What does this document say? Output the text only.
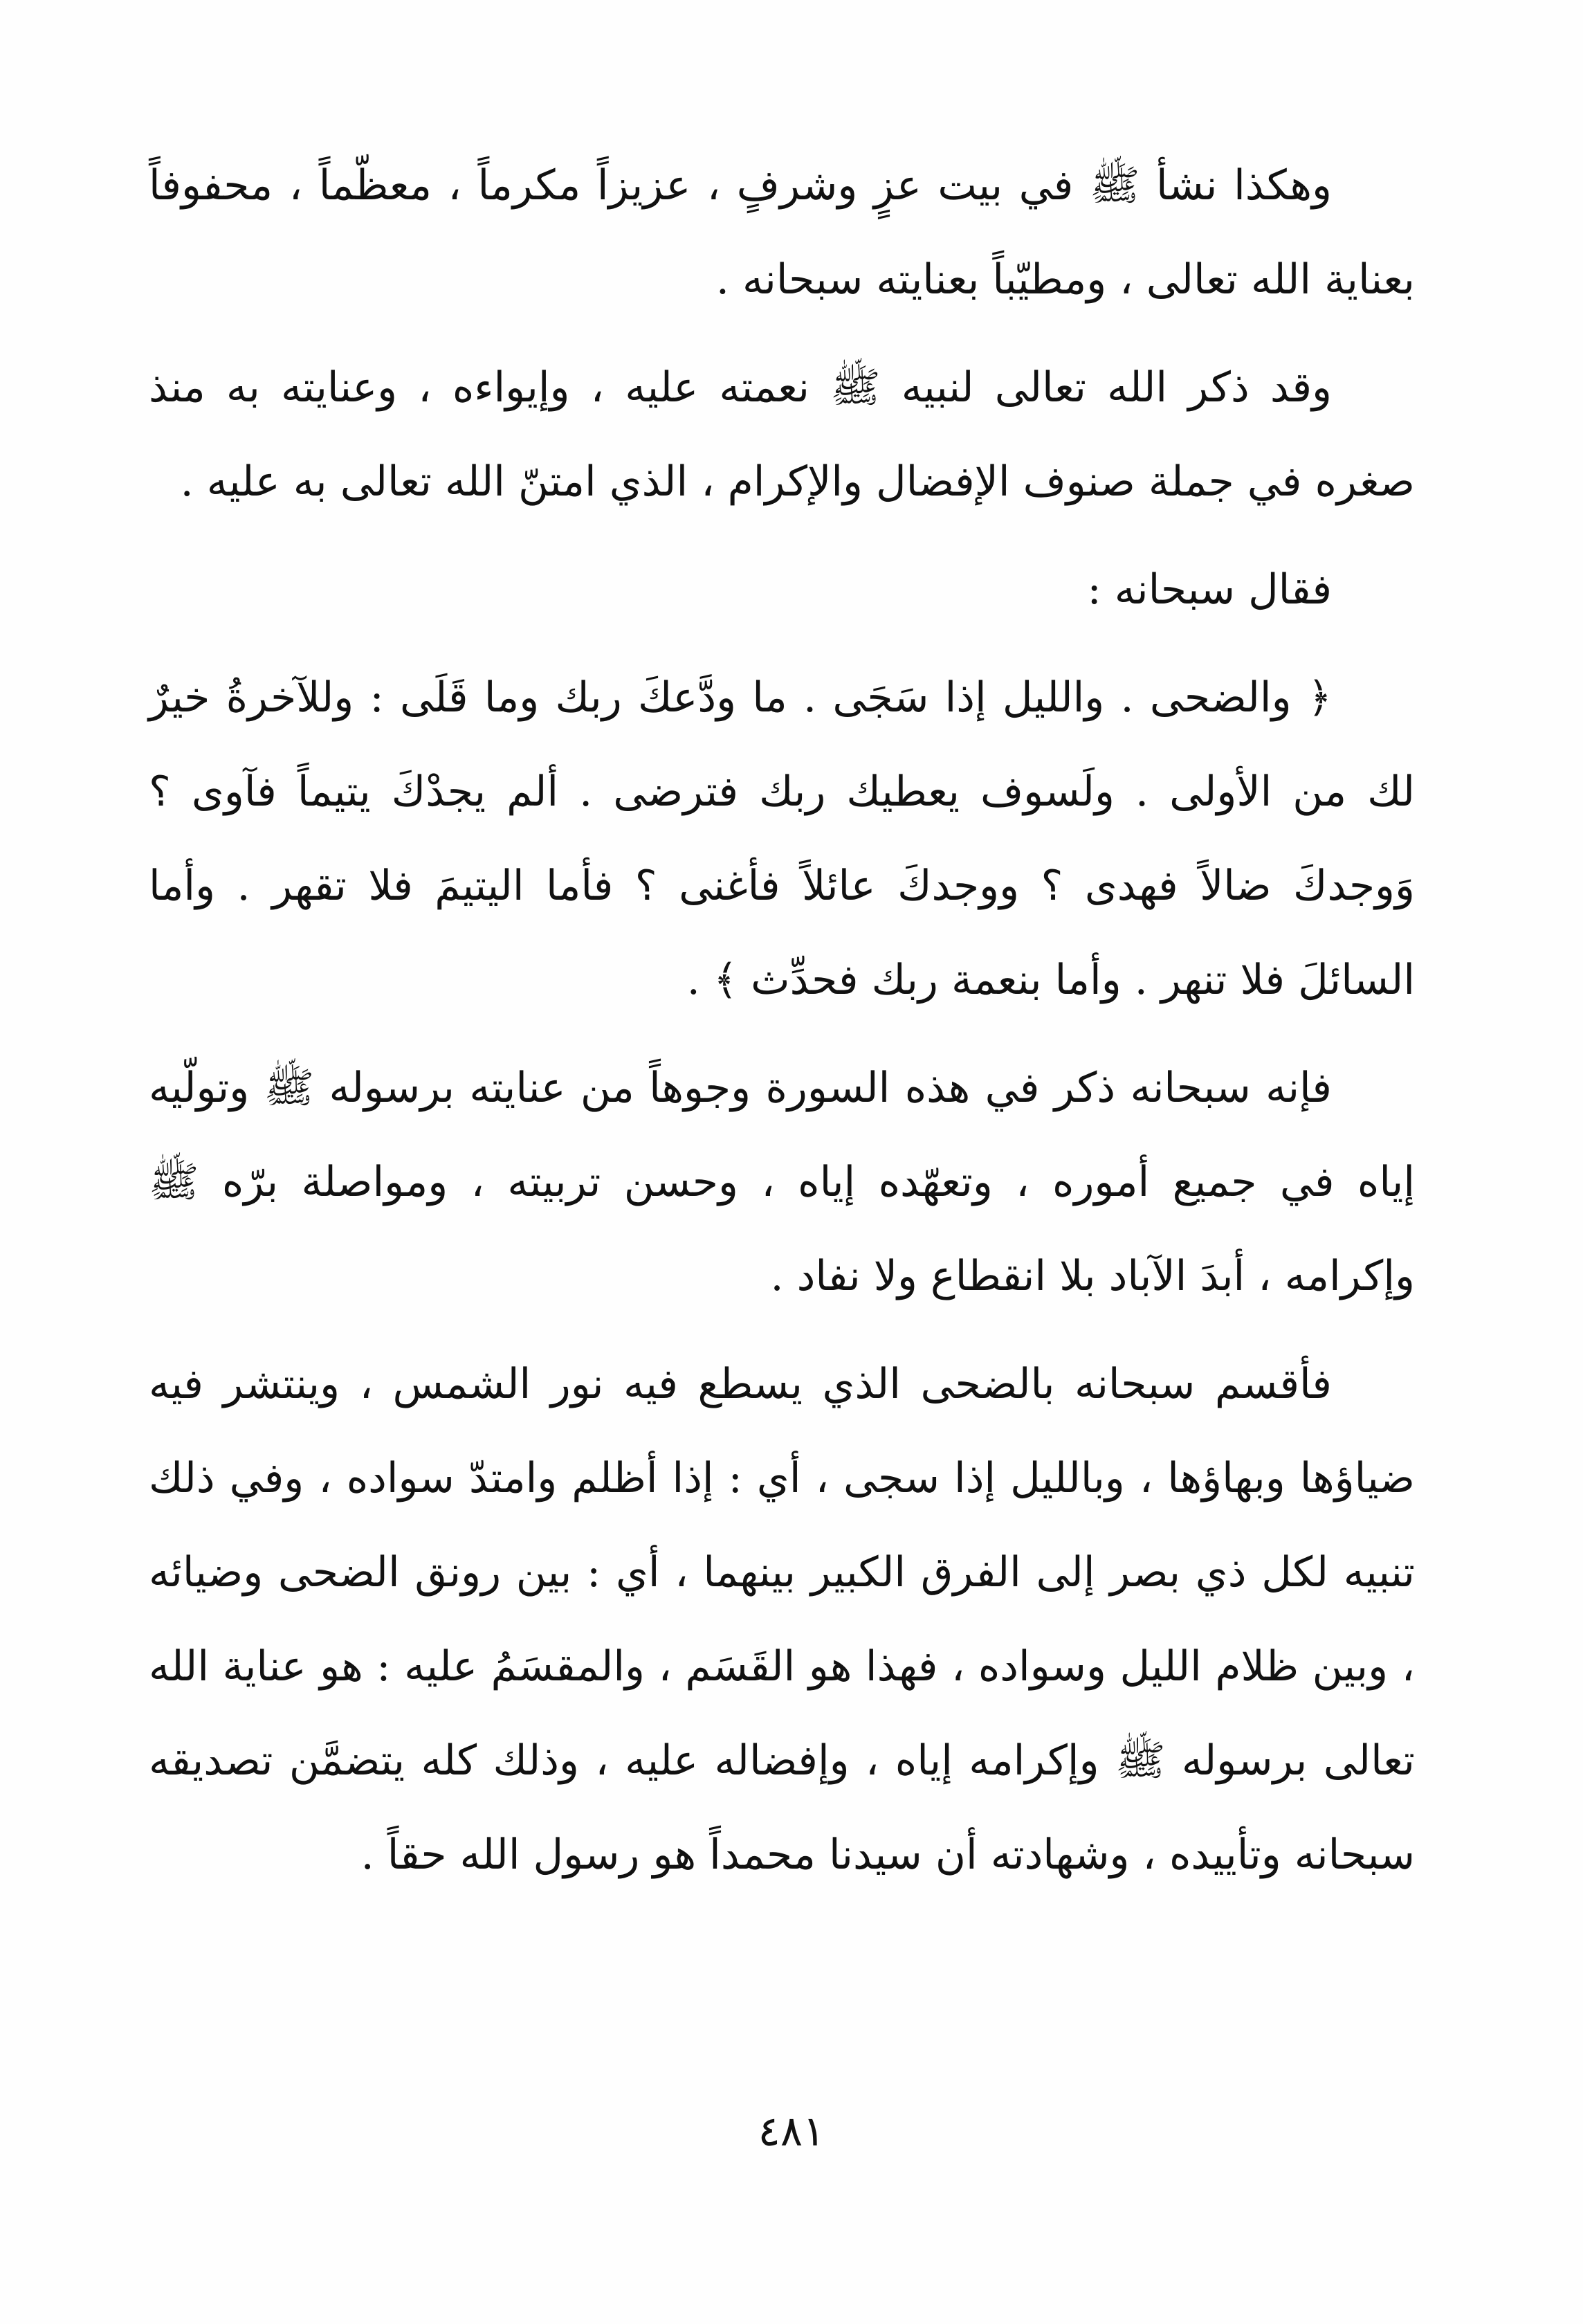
وهكذا نشأ ﷺ في بيت عزٍ وشرفٍ ، عزيزاً مكرماً ، معظّماً ، محفوفاً بعناية الله تعالى ، ومطيّباً بعنايته سبحانه .

وقد ذكر الله تعالى لنبيه ﷺ نعمته عليه ، وإيواءه ، وعنايته به منذ صغره في جملة صنوف الإفضال والإكرام ، الذي امتنّ الله تعالى به عليه .

فقال سبحانه :

﴿ والضحى . والليل إذا سَجَى . ما ودَّعكَ ربك وما قَلَى : وللآخرةُ خيرٌ لك من الأولى . ولَسوف يعطيك ربك فترضى . ألم يجدْكَ يتيماً فآوى ؟ وَوجدكَ ضالاً فهدى ؟ ووجدكَ عائلاً فأغنى ؟ فأما اليتيمَ فلا تقهر . وأما السائلَ فلا تنهر . وأما بنعمة ربك فحدِّث ﴾ .

فإنه سبحانه ذكر في هذه السورة وجوهاً من عنايته برسوله ﷺ وتولّيه إياه في جميع أموره ، وتعهّده إياه ، وحسن تربيته ، ومواصلة برّه ﷺ وإكرامه ، أبدَ الآباد بلا انقطاع ولا نفاد .

فأقسم سبحانه بالضحى الذي يسطع فيه نور الشمس ، وينتشر فيه ضياؤها وبهاؤها ، وبالليل إذا سجى ، أي : إذا أظلم وامتدّ سواده ، وفي ذلك تنبيه لكل ذي بصر إلى الفرق الكبير بينهما ، أي : بين رونق الضحى وضيائه ، وبين ظلام الليل وسواده ، فهذا هو القَسَم ، والمقسَمُ عليه : هو عناية الله تعالى برسوله ﷺ وإكرامه إياه ، وإفضاله عليه ، وذلك كله يتضمَّن تصديقه سبحانه وتأييده ، وشهادته أن سيدنا محمداً هو رسول الله حقاً .

٤٨١
